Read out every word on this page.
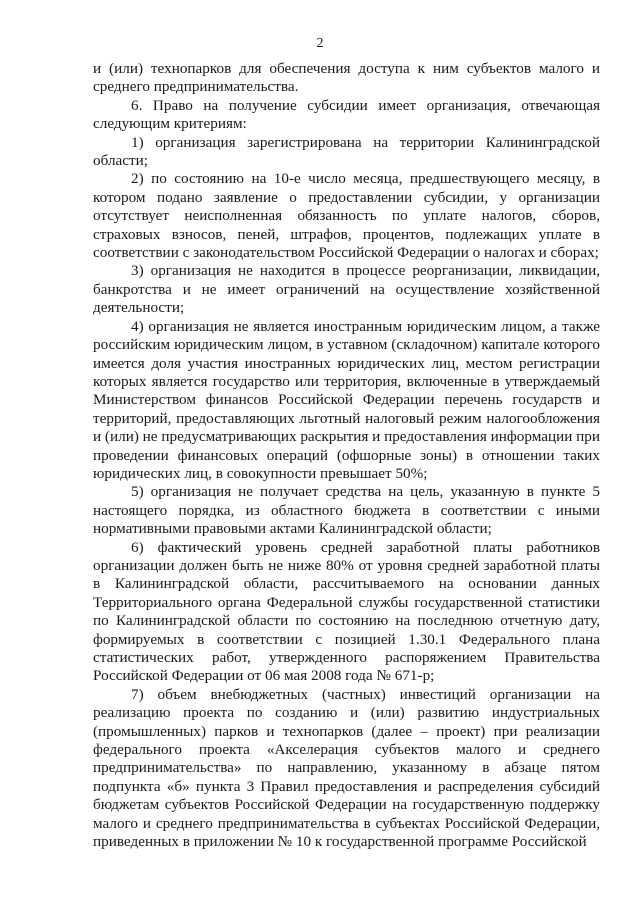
2

и (или) технопарков для обеспечения доступа к ним субъектов малого и среднего предпринимательства.

6. Право на получение субсидии имеет организация, отвечающая следующим критериям:

1) организация зарегистрирована на территории Калининградской области;

2) по состоянию на 10-е число месяца, предшествующего месяцу, в котором подано заявление о предоставлении субсидии, у организации отсутствует неисполненная обязанность по уплате налогов, сборов, страховых взносов, пеней, штрафов, процентов, подлежащих уплате в соответствии с законодательством Российской Федерации о налогах и сборах;

3) организация не находится в процессе реорганизации, ликвидации, банкротства и не имеет ограничений на осуществление хозяйственной деятельности;

4) организация не является иностранным юридическим лицом, а также российским юридическим лицом, в уставном (складочном) капитале которого имеется доля участия иностранных юридических лиц, местом регистрации которых является государство или территория, включенные в утверждаемый Министерством финансов Российской Федерации перечень государств и территорий, предоставляющих льготный налоговый режим налогообложения и (или) не предусматривающих раскрытия и предоставления информации при проведении финансовых операций (офшорные зоны) в отношении таких юридических лиц, в совокупности превышает 50%;

5) организация не получает средства на цель, указанную в пункте 5 настоящего порядка, из областного бюджета в соответствии с иными нормативными правовыми актами Калининградской области;

6) фактический уровень средней заработной платы работников организации должен быть не ниже 80% от уровня средней заработной платы в Калининградской области, рассчитываемого на основании данных Территориального органа Федеральной службы государственной статистики по Калининградской области по состоянию на последнюю отчетную дату, формируемых в соответствии с позицией 1.30.1 Федерального плана статистических работ, утвержденного распоряжением Правительства Российской Федерации от 06 мая 2008 года № 671-р;

7) объем внебюджетных (частных) инвестиций организации на реализацию проекта по созданию и (или) развитию индустриальных (промышленных) парков и технопарков (далее – проект) при реализации федерального проекта «Акселерация субъектов малого и среднего предпринимательства» по направлению, указанному в абзаце пятом подпункта «б» пункта 3 Правил предоставления и распределения субсидий бюджетам субъектов Российской Федерации на государственную поддержку малого и среднего предпринимательства в субъектах Российской Федерации, приведенных в приложении № 10 к государственной программе Российской
